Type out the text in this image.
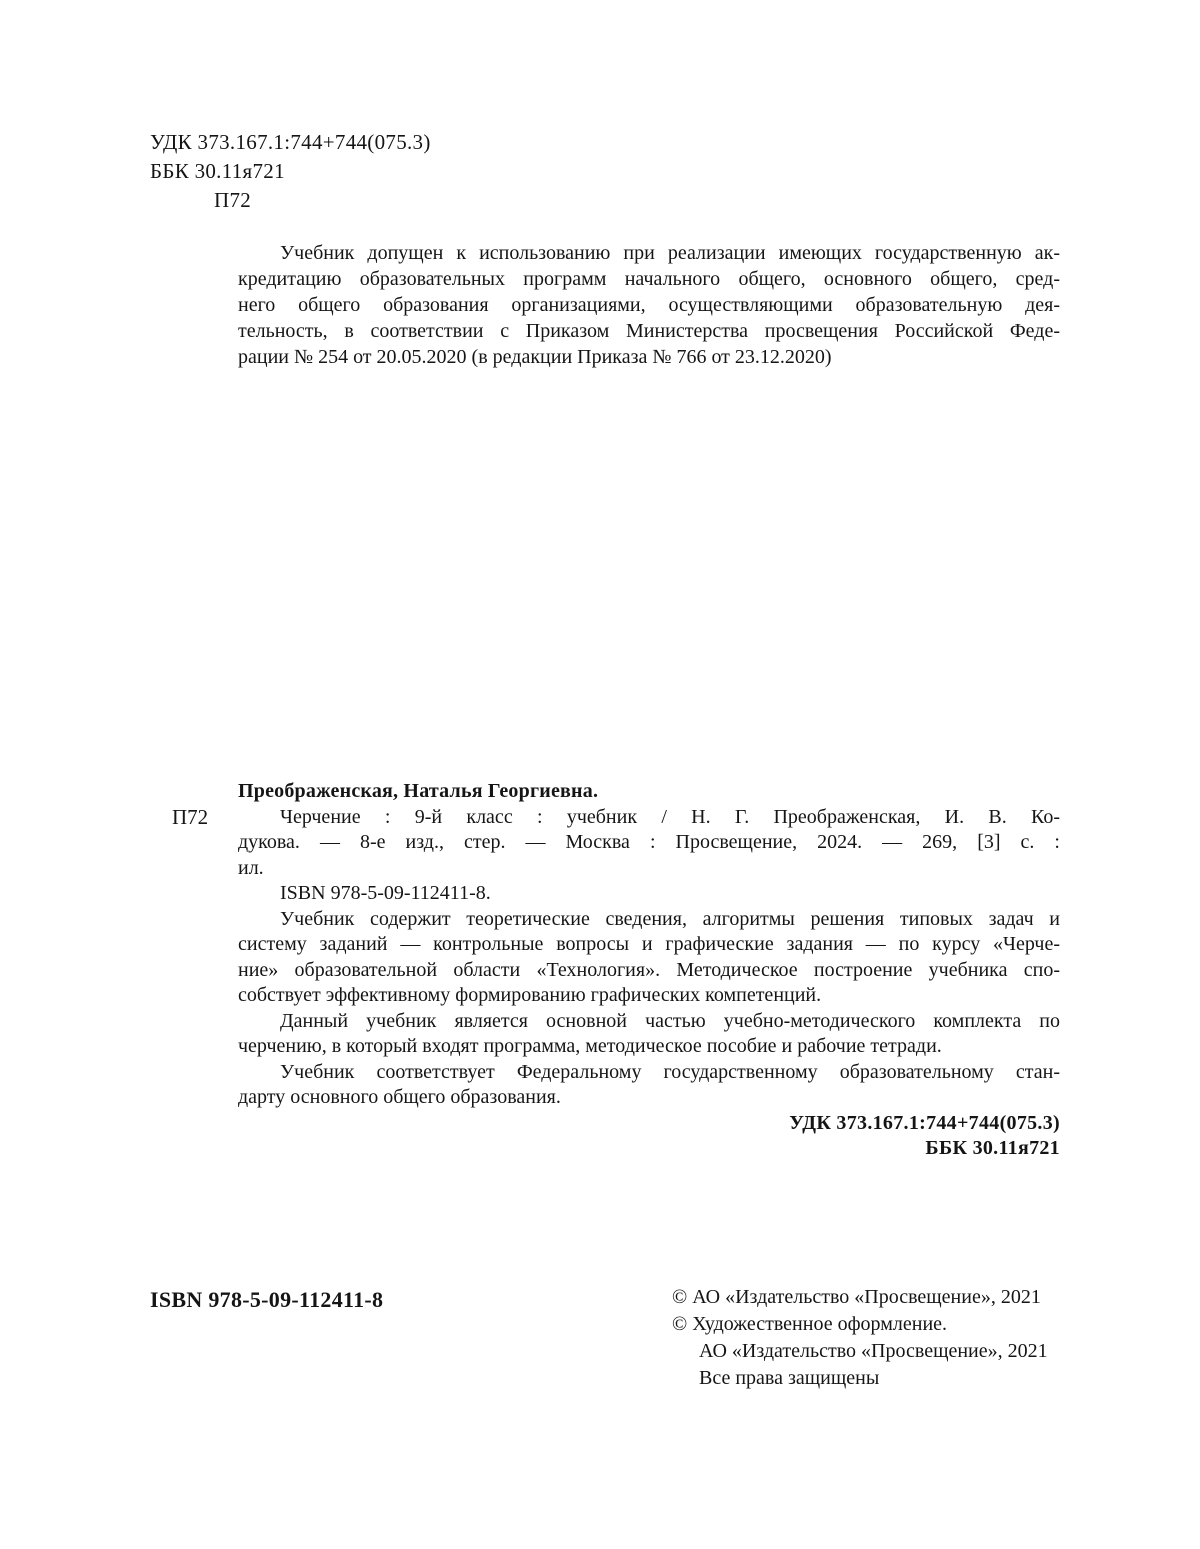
УДК 373.167.1:744+744(075.3)
ББК 30.11я721
П72
Учебник допущен к использованию при реализации имеющих государственную ак-
кредитацию образовательных программ начального общего, основного общего, сред-
него общего образования организациями, осуществляющими образовательную дея-
тельность, в соответствии с Приказом Министерства просвещения Российской Феде-
рации № 254 от 20.05.2020 (в редакции Приказа № 766 от 23.12.2020)
П72
Преображенская, Наталья Георгиевна.
Черчение : 9-й класс : учебник / Н. Г. Преображенская, И. В. Ко-
дукова. — 8-е изд., стер. — Москва : Просвещение, 2024. — 269, [3] с. :
ил.
ISBN 978-5-09-112411-8.
Учебник содержит теоретические сведения, алгоритмы решения типовых задач и
систему заданий — контрольные вопросы и графические задания — по курсу «Черче-
ние» образовательной области «Технология». Методическое построение учебника спо-
собствует эффективному формированию графических компетенций.
Данный учебник является основной частью учебно-методического комплекта по
черчению, в который входят программа, методическое пособие и рабочие тетради.
Учебник соответствует Федеральному государственному образовательному стан-
дарту основного общего образования.
УДК 373.167.1:744+744(075.3)
ББК 30.11я721
ISBN 978-5-09-112411-8	© АО «Издательство «Просвещение», 2021
© Художественное оформление.
АО «Издательство «Просвещение», 2021
Все права защищены
